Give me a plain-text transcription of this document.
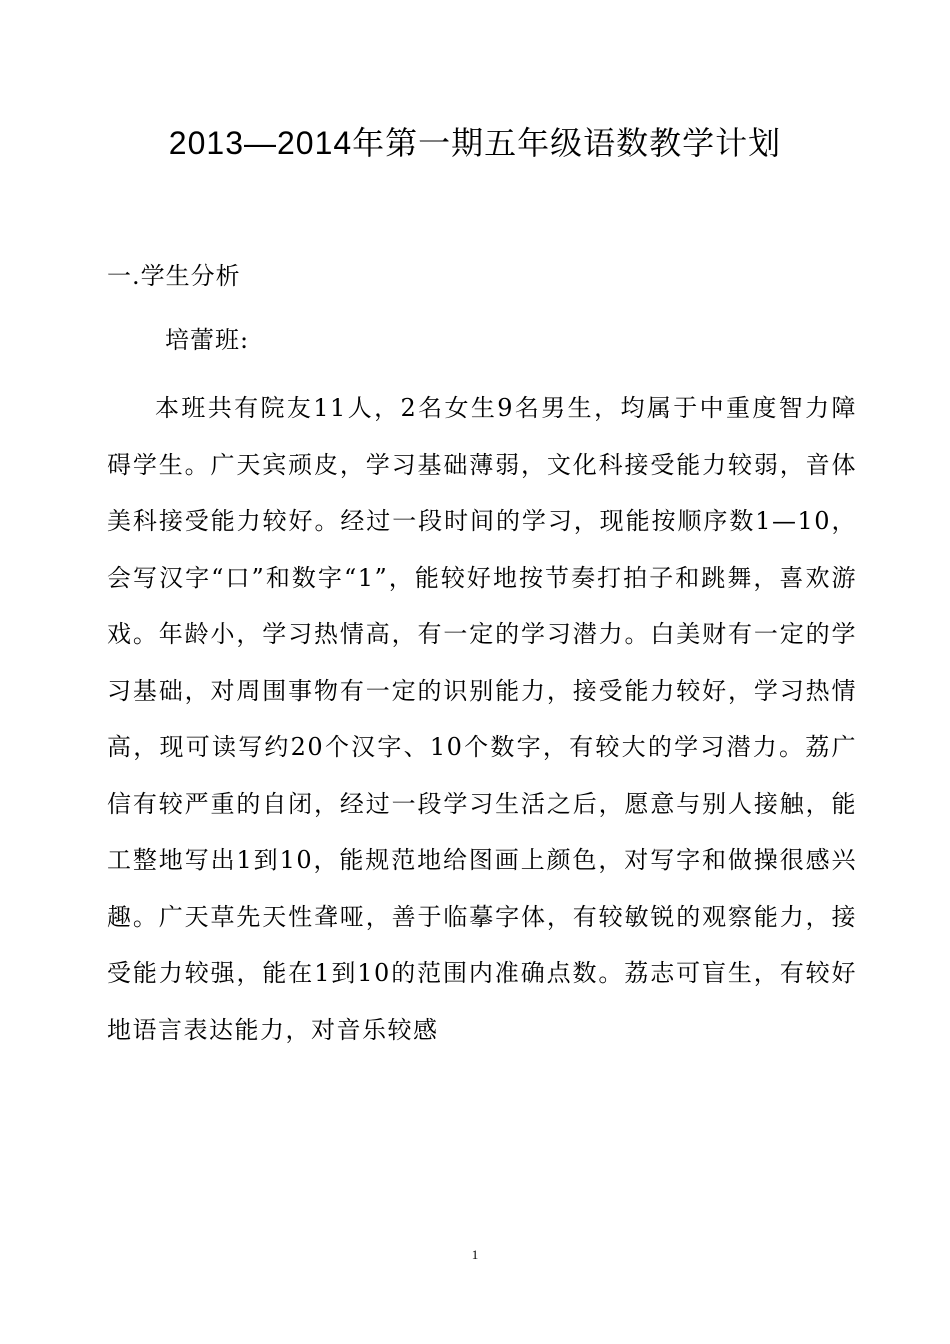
2013—2014年第一期五年级语数教学计划
一.学生分析
培蕾班:

本班共有院友11人，2名女生9名男生，均属于中重度智力障碍学生。广天宾顽皮，学习基础薄弱，文化科接受能力较弱，音体美科接受能力较好。经过一段时间的学习，现能按顺序数1—10，会写汉字“口”和数字“1”，能较好地按节奏打拍子和跳舞，喜欢游戏。年龄小，学习热情高，有一定的学习潜力。白美财有一定的学习基础，对周围事物有一定的识别能力，接受能力较好，学习热情高，现可读写约20个汉字、10个数字，有较大的学习潜力。荔广信有较严重的自闭，经过一段学习生活之后，愿意与别人接触，能工整地写出1到10，能规范地给图画上颜色，对写字和做操很感兴趣。广天草先天性聋哑，善于临摹字体，有较敏锐的观察能力，接受能力较强，能在1到10的范围内准确点数。荔志可盲生，有较好地语言表达能力，对音乐较感

1
